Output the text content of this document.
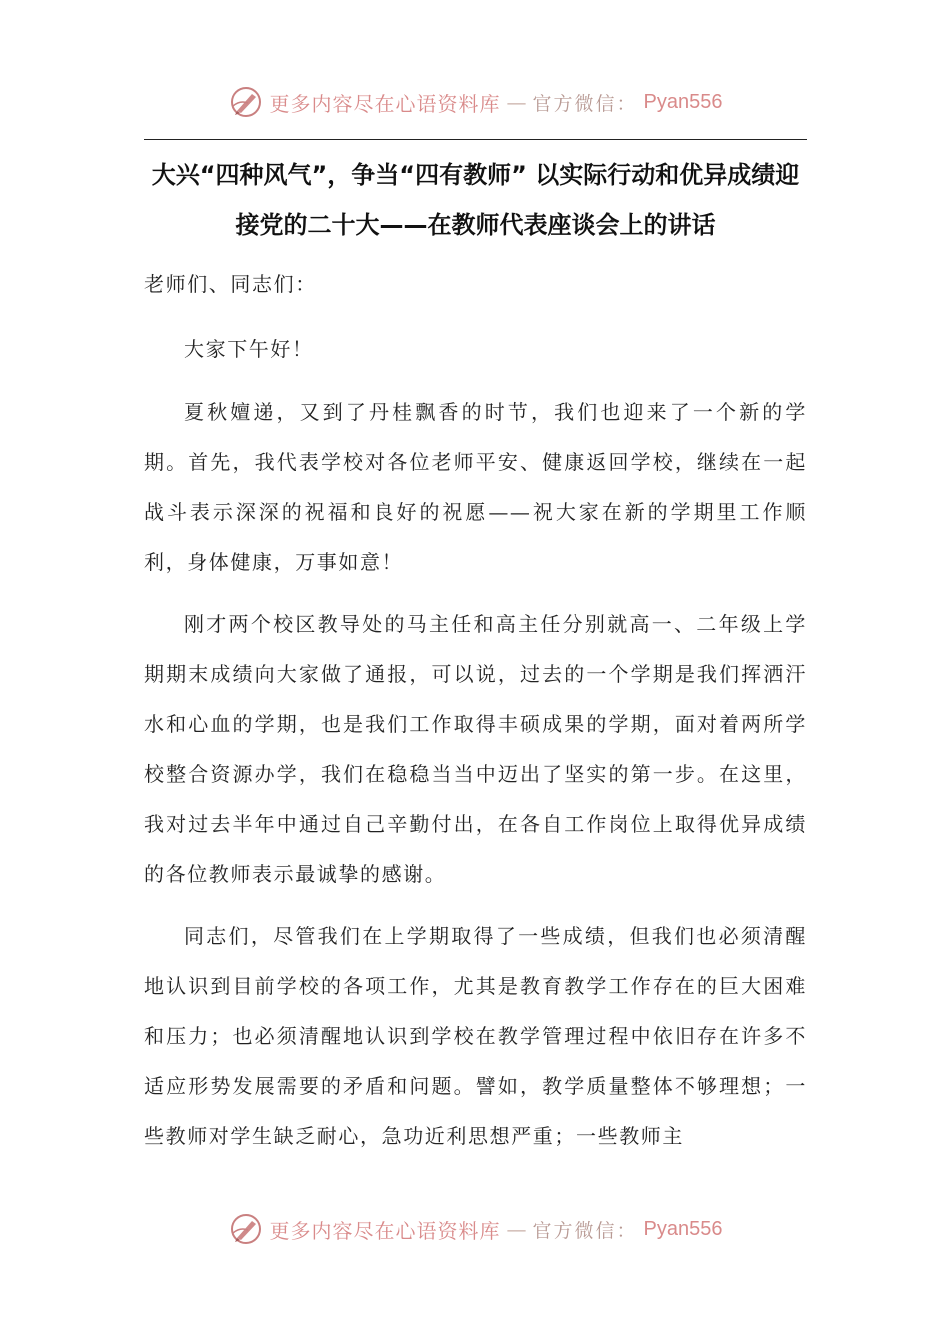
更多内容尽在心语资料库 — 官方微信： Pyan556
大兴“四种风气”，争当“四有教师” 以实际行动和优异成绩迎接党的二十大——在教师代表座谈会上的讲话

老师们、同志们：

大家下午好！

夏秋嬗递，又到了丹桂飘香的时节，我们也迎来了一个新的学期。首先，我代表学校对各位老师平安、健康返回学校，继续在一起战斗表示深深的祝福和良好的祝愿——祝大家在新的学期里工作顺利，身体健康，万事如意！

刚才两个校区教导处的马主任和高主任分别就高一、二年级上学期期末成绩向大家做了通报，可以说，过去的一个学期是我们挥洒汗水和心血的学期，也是我们工作取得丰硕成果的学期，面对着两所学校整合资源办学，我们在稳稳当当中迈出了坚实的第一步。在这里，我对过去半年中通过自己辛勤付出，在各自工作岗位上取得优异成绩的各位教师表示最诚挚的感谢。

同志们，尽管我们在上学期取得了一些成绩，但我们也必须清醒地认识到目前学校的各项工作，尤其是教育教学工作存在的巨大困难和压力；也必须清醒地认识到学校在教学管理过程中依旧存在许多不适应形势发展需要的矛盾和问题。譬如，教学质量整体不够理想；一些教师对学生缺乏耐心，急功近利思想严重；一些教师主

更多内容尽在心语资料库 — 官方微信： Pyan556
